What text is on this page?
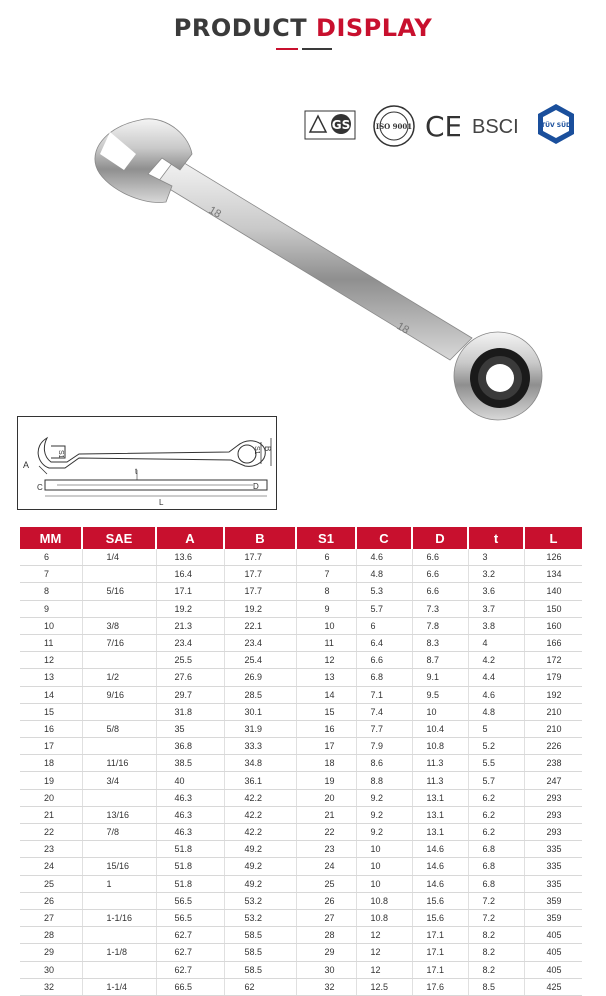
PRODUCT DISPLAY
GS	ISO 9001 CE BSCI	TÜV SÜD
18
18
A
S1	S1 B
C
t
L
D
MM	SAE	A	B	S1	C	D	t	L
6	1/4	13.6	17.7	6	4.6	6.6	3	126
7		16.4	17.7	7	4.8	6.6	3.2	134
8	5/16	17.1	17.7	8	5.3	6.6	3.6	140
9		19.2	19.2	9	5.7	7.3	3.7	150
10	3/8	21.3	22.1	10	6	7.8	3.8	160
11	7/16	23.4	23.4	11	6.4	8.3	4	166
12		25.5	25.4	12	6.6	8.7	4.2	172
13	1/2	27.6	26.9	13	6.8	9.1	4.4	179
14	9/16	29.7	28.5	14	7.1	9.5	4.6	192
15		31.8	30.1	15	7.4	10	4.8	210
16	5/8	35	31.9	16	7.7	10.4	5	210
17		36.8	33.3	17	7.9	10.8	5.2	226
18	11/16	38.5	34.8	18	8.6	11.3	5.5	238
19	3/4	40	36.1	19	8.8	11.3	5.7	247
20		46.3	42.2	20	9.2	13.1	6.2	293
21	13/16	46.3	42.2	21	9.2	13.1	6.2	293
22	7/8	46.3	42.2	22	9.2	13.1	6.2	293
23		51.8	49.2	23	10	14.6	6.8	335
24	15/16	51.8	49.2	24	10	14.6	6.8	335
25	1	51.8	49.2	25	10	14.6	6.8	335
26		56.5	53.2	26	10.8	15.6	7.2	359
27	1-1/16	56.5	53.2	27	10.8	15.6	7.2	359
28		62.7	58.5	28	12	17.1	8.2	405
29	1-1/8	62.7	58.5	29	12	17.1	8.2	405
30		62.7	58.5	30	12	17.1	8.2	405
32	1-1/4	66.5	62	32	12.5	17.6	8.5	425
